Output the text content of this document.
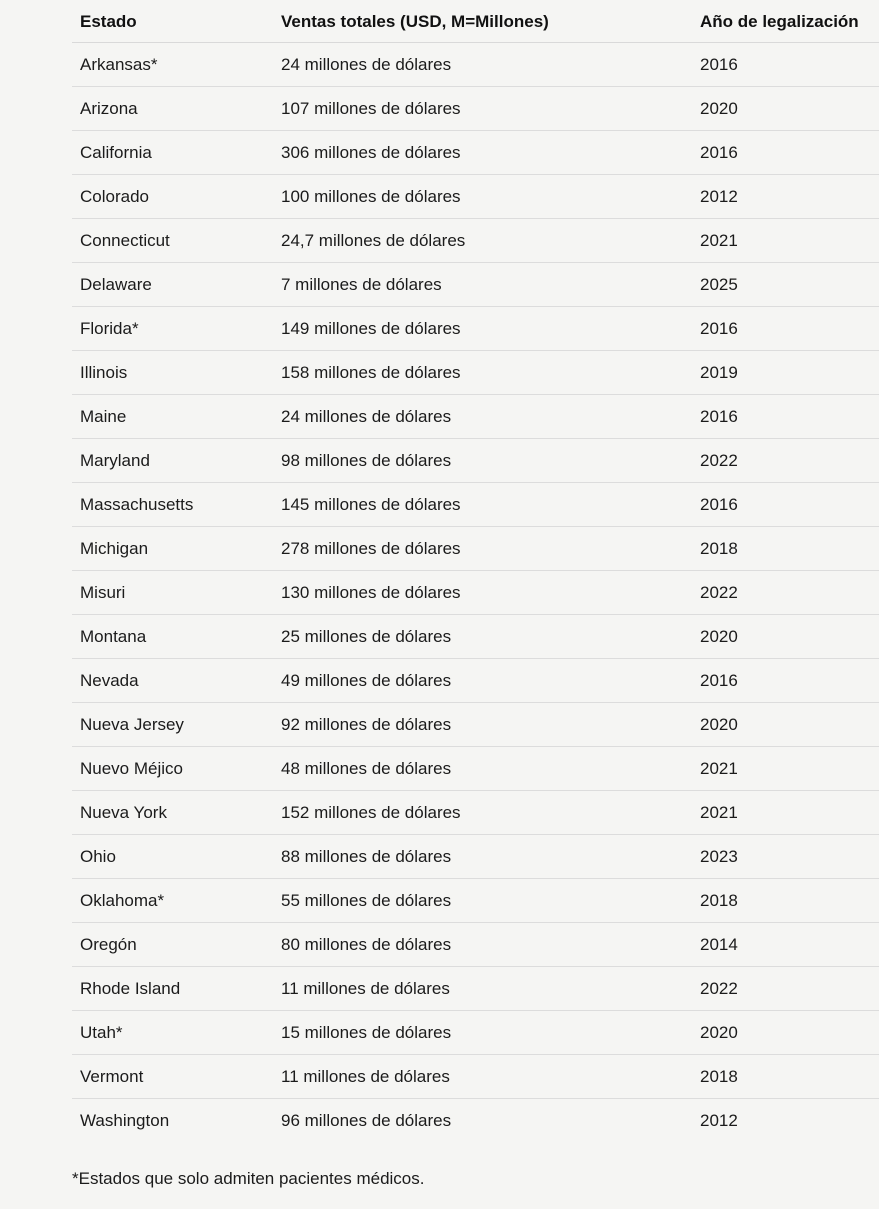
Estado	Ventas totales (USD, M=Millones)	Año de legalización
Arkansas*	24 millones de dólares	2016
Arizona	107 millones de dólares	2020
California	306 millones de dólares	2016
Colorado	100 millones de dólares	2012
Connecticut	24,7 millones de dólares	2021
Delaware	7 millones de dólares	2025
Florida*	149 millones de dólares	2016
Illinois	158 millones de dólares	2019
Maine	24 millones de dólares	2016
Maryland	98 millones de dólares	2022
Massachusetts	145 millones de dólares	2016
Michigan	278 millones de dólares	2018
Misuri	130 millones de dólares	2022
Montana	25 millones de dólares	2020
Nevada	49 millones de dólares	2016
Nueva Jersey	92 millones de dólares	2020
Nuevo Méjico	48 millones de dólares	2021
Nueva York	152 millones de dólares	2021
Ohio	88 millones de dólares	2023
Oklahoma*	55 millones de dólares	2018
Oregón	80 millones de dólares	2014
Rhode Island	11 millones de dólares	2022
Utah*	15 millones de dólares	2020
Vermont	11 millones de dólares	2018
Washington	96 millones de dólares	2012

*Estados que solo admiten pacientes médicos.
